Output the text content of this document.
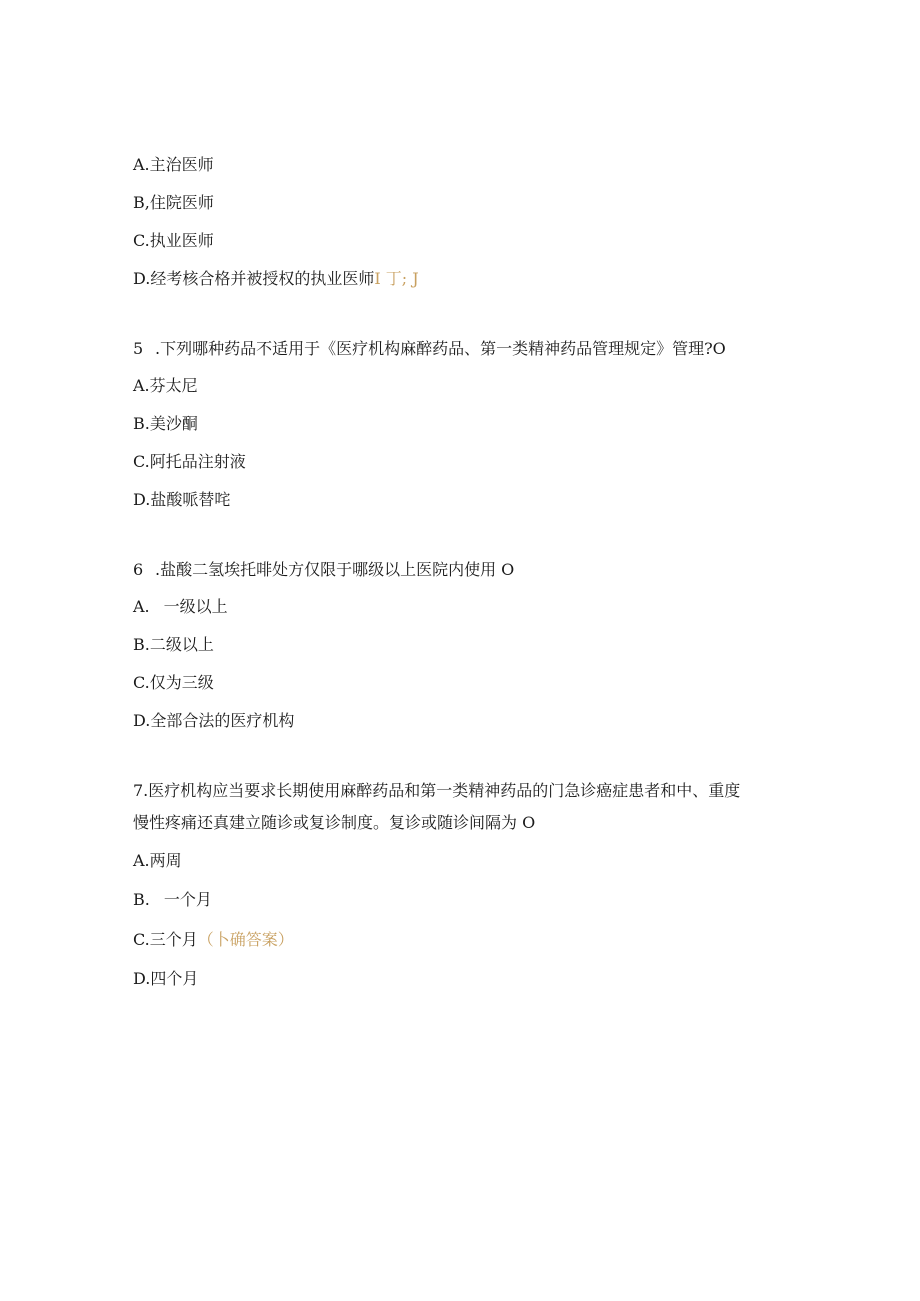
A.主治医师
B,住院医师
C.执业医师
D.经考核合格并被授权的执业医师I 丁; J
5 .下列哪种药品不适用于《医疗机构麻醉药品、第一类精神药品管理规定》管理?O
A.芬太尼
B.美沙酮
C.阿托品注射液
D.盐酸哌替咤
6 .盐酸二氢埃托啡处方仅限于哪级以上医院内使用 O
A. 一级以上
B.二级以上
C.仅为三级
D.全部合法的医疗机构
7.医疗机构应当要求长期使用麻醉药品和第一类精神药品的门急诊癌症患者和中、重度
慢性疼痛还真建立随诊或复诊制度。复诊或随诊间隔为 O
A.两周
B. 一个月
C.三个月（卜确答案）
D.四个月
